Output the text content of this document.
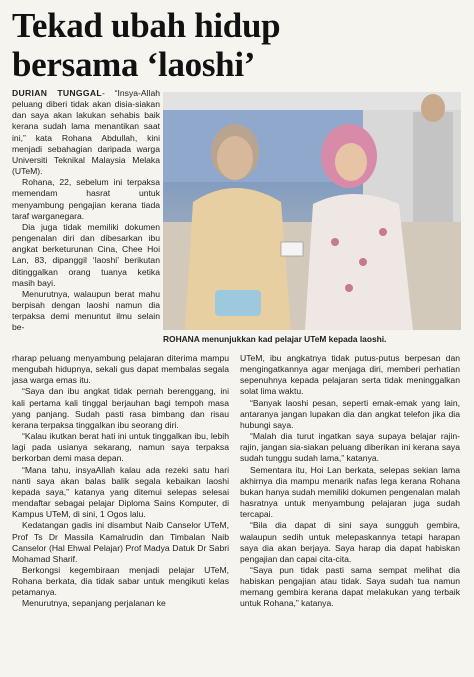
Tekad ubah hidup
bersama ‘laoshi’

DURIAN TUNGGAL- “Insya-Allah peluang diberi tidak akan disia-siakan dan saya akan lakukan sehabis baik kerana sudah lama menantikan saat ini,” kata Rohana Abdullah, kini menjadi sebahagian daripada warga Universiti Teknikal Malaysia Melaka (UTeM).

Rohana, 22, sebelum ini terpaksa memendam hasrat untuk menyambung pengajian kerana tiada taraf warganegara.

Dia juga tidak memiliki dokumen pengenalan diri dan dibesarkan ibu angkat berketurunan Cina, Chee Hoi Lan, 83, dipanggil ‘laoshi’ berikutan ditinggalkan orang tuanya ketika masih bayi.

Menurutnya, walaupun berat mahu berpisah dengan laoshi namun dia terpaksa demi menuntut ilmu selain be-

ROHANA menunjukkan kad pelajar UTeM kepada laoshi.

rharap peluang menyambung pelajaran diterima mampu mengubah hidupnya, sekali gus dapat membalas segala jasa warga emas itu.

“Saya dan ibu angkat tidak pernah berenggang, ini kali pertama kali tinggal berjauhan bagi tempoh masa yang panjang. Sudah pasti rasa bimbang dan risau kerana terpaksa tinggalkan ibu seorang diri.

“Kalau ikutkan berat hati ini untuk tinggalkan ibu, lebih lagi pada usianya sekarang, namun saya terpaksa berkorban demi masa depan.

“Mana tahu, insyaAllah kalau ada rezeki satu hari nanti saya akan balas balik segala kebaikan laoshi kepada saya,” katanya yang ditemui selepas selesai mendaftar sebagai pelajar Diploma Sains Komputer, di Kampus UTeM, di sini, 1 Ogos lalu.

Kedatangan gadis ini disambut Naib Canselor UTeM, Prof Ts Dr Massila Kamalrudin dan Timbalan Naib Canselor (Hal Ehwal Pelajar) Prof Madya Datuk Dr Sabri Mohamad Sharif.

Berkongsi kegembiraan menjadi pelajar UTeM, Rohana berkata, dia tidak sabar untuk mengikuti kelas petamanya.

Menurutnya, sepanjang perjalanan ke

UTeM, ibu angkatnya tidak putus-putus berpesan dan mengingatkannya agar menjaga diri, memberi perhatian sepenuhnya kepada pelajaran serta tidak meninggalkan solat lima waktu.

“Banyak laoshi pesan, seperti emak-emak yang lain, antaranya jangan lupakan dia dan angkat telefon jika dia hubungi saya.

“Malah dia turut ingatkan saya supaya belajar rajin-rajin, jangan sia-siakan peluang diberikan ini kerana saya sudah tunggu sudah lama,” katanya.

Sementara itu, Hoi Lan berkata, selepas sekian lama akhirnya dia mampu menarik nafas lega kerana Rohana bukan hanya sudah memiliki dokumen pengenalan malah hasratnya untuk menyambung pelajaran juga sudah tercapai.

“Bila dia dapat di sini saya sungguh gembira, walaupun sedih untuk melepaskannya tetapi harapan saya dia akan berjaya. Saya harap dia dapat habiskan pengajian dan capai cita-cita.

“Saya pun tidak pasti sama sempat melihat dia habiskan pengajian atau tidak. Saya sudah tua namun memang gembira kerana dapat melakukan yang terbaik untuk Rohana,” katanya.
